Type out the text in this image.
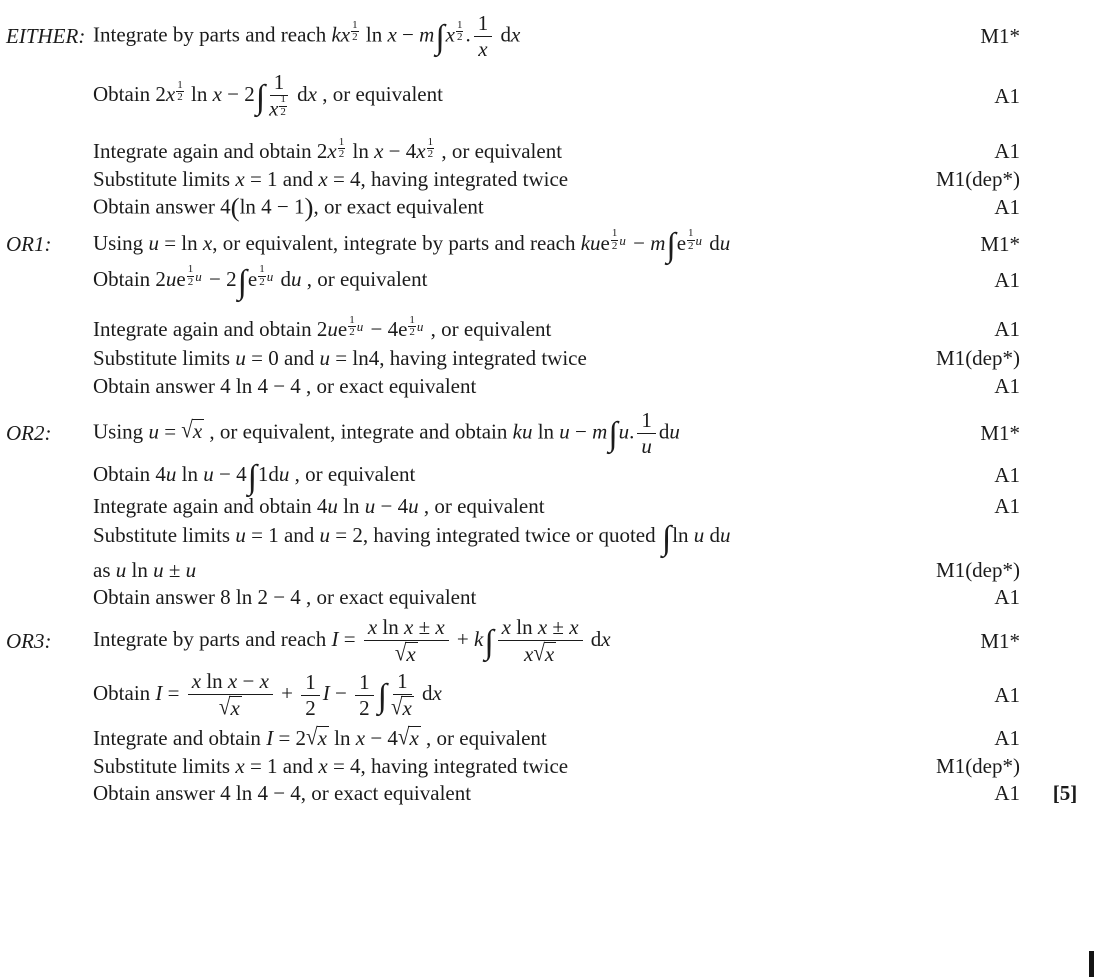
EITHER: Integrate by parts and reach kx 1
2 ln x − m∫x 1
2 . $\frac{1}{x}$ dx	M1*
Obtain 2x 1
2 ln x − 2∫ 1
x 1
2 dx , or equivalent	A1
Integrate again and obtain 2x 1
2 ln x − 4x 1
2 , or equivalent	A1
Substitute limits x = 1 and x = 4, having integrated twice	M1(dep*)
Obtain answer 4(ln 4 − 1), or exact equivalent	A1
OR1:	Using u = ln x, or equivalent, integrate by parts and reach kue 1
2 u − m∫e 1
2 u du	M1*
Obtain 2ue 1
2 u − 2∫e 1
2 u du , or equivalent	A1
Integrate again and obtain 2ue 1
2 u − 4e 1
2 u , or equivalent	A1
Substitute limits u = 0 and u = ln4, having integrated twice	M1(dep*)
Obtain answer 4 ln 4 − 4 , or exact equivalent	A1
OR2:	Using u = √x , or equivalent, integrate and obtain ku ln u − m∫u. $\frac{1}{u}$ du	M1*
Obtain 4u ln u − 4∫1du , or equivalent	A1
Integrate again and obtain 4u ln u − 4u , or equivalent	A1
Substitute limits u = 1 and u = 2, having integrated twice or quoted ∫ln u du
as u ln u ± u	M1(dep*)
Obtain answer 8 ln 2 − 4 , or exact equivalent	A1
OR3:	Integrate by parts and reach $I = \frac{\text{x ln x ± x}}{√x} + k\int \frac{\text{x ln x ± x}}{x√x}$ dx	M1*
Obtain $I = \frac{\text{x ln x − x}}{√x} + \frac{1}{2}$ $I - \frac{1}{2}$ ∫ $\frac{1}{√x}$ dx	A1
Integrate and obtain I = 2√x ln x − 4√x , or equivalent	A1
Substitute limits x = 1 and x = 4, having integrated twice	M1(dep*)
Obtain answer 4 ln 4 − 4, or exact equivalent	A1	[5]
